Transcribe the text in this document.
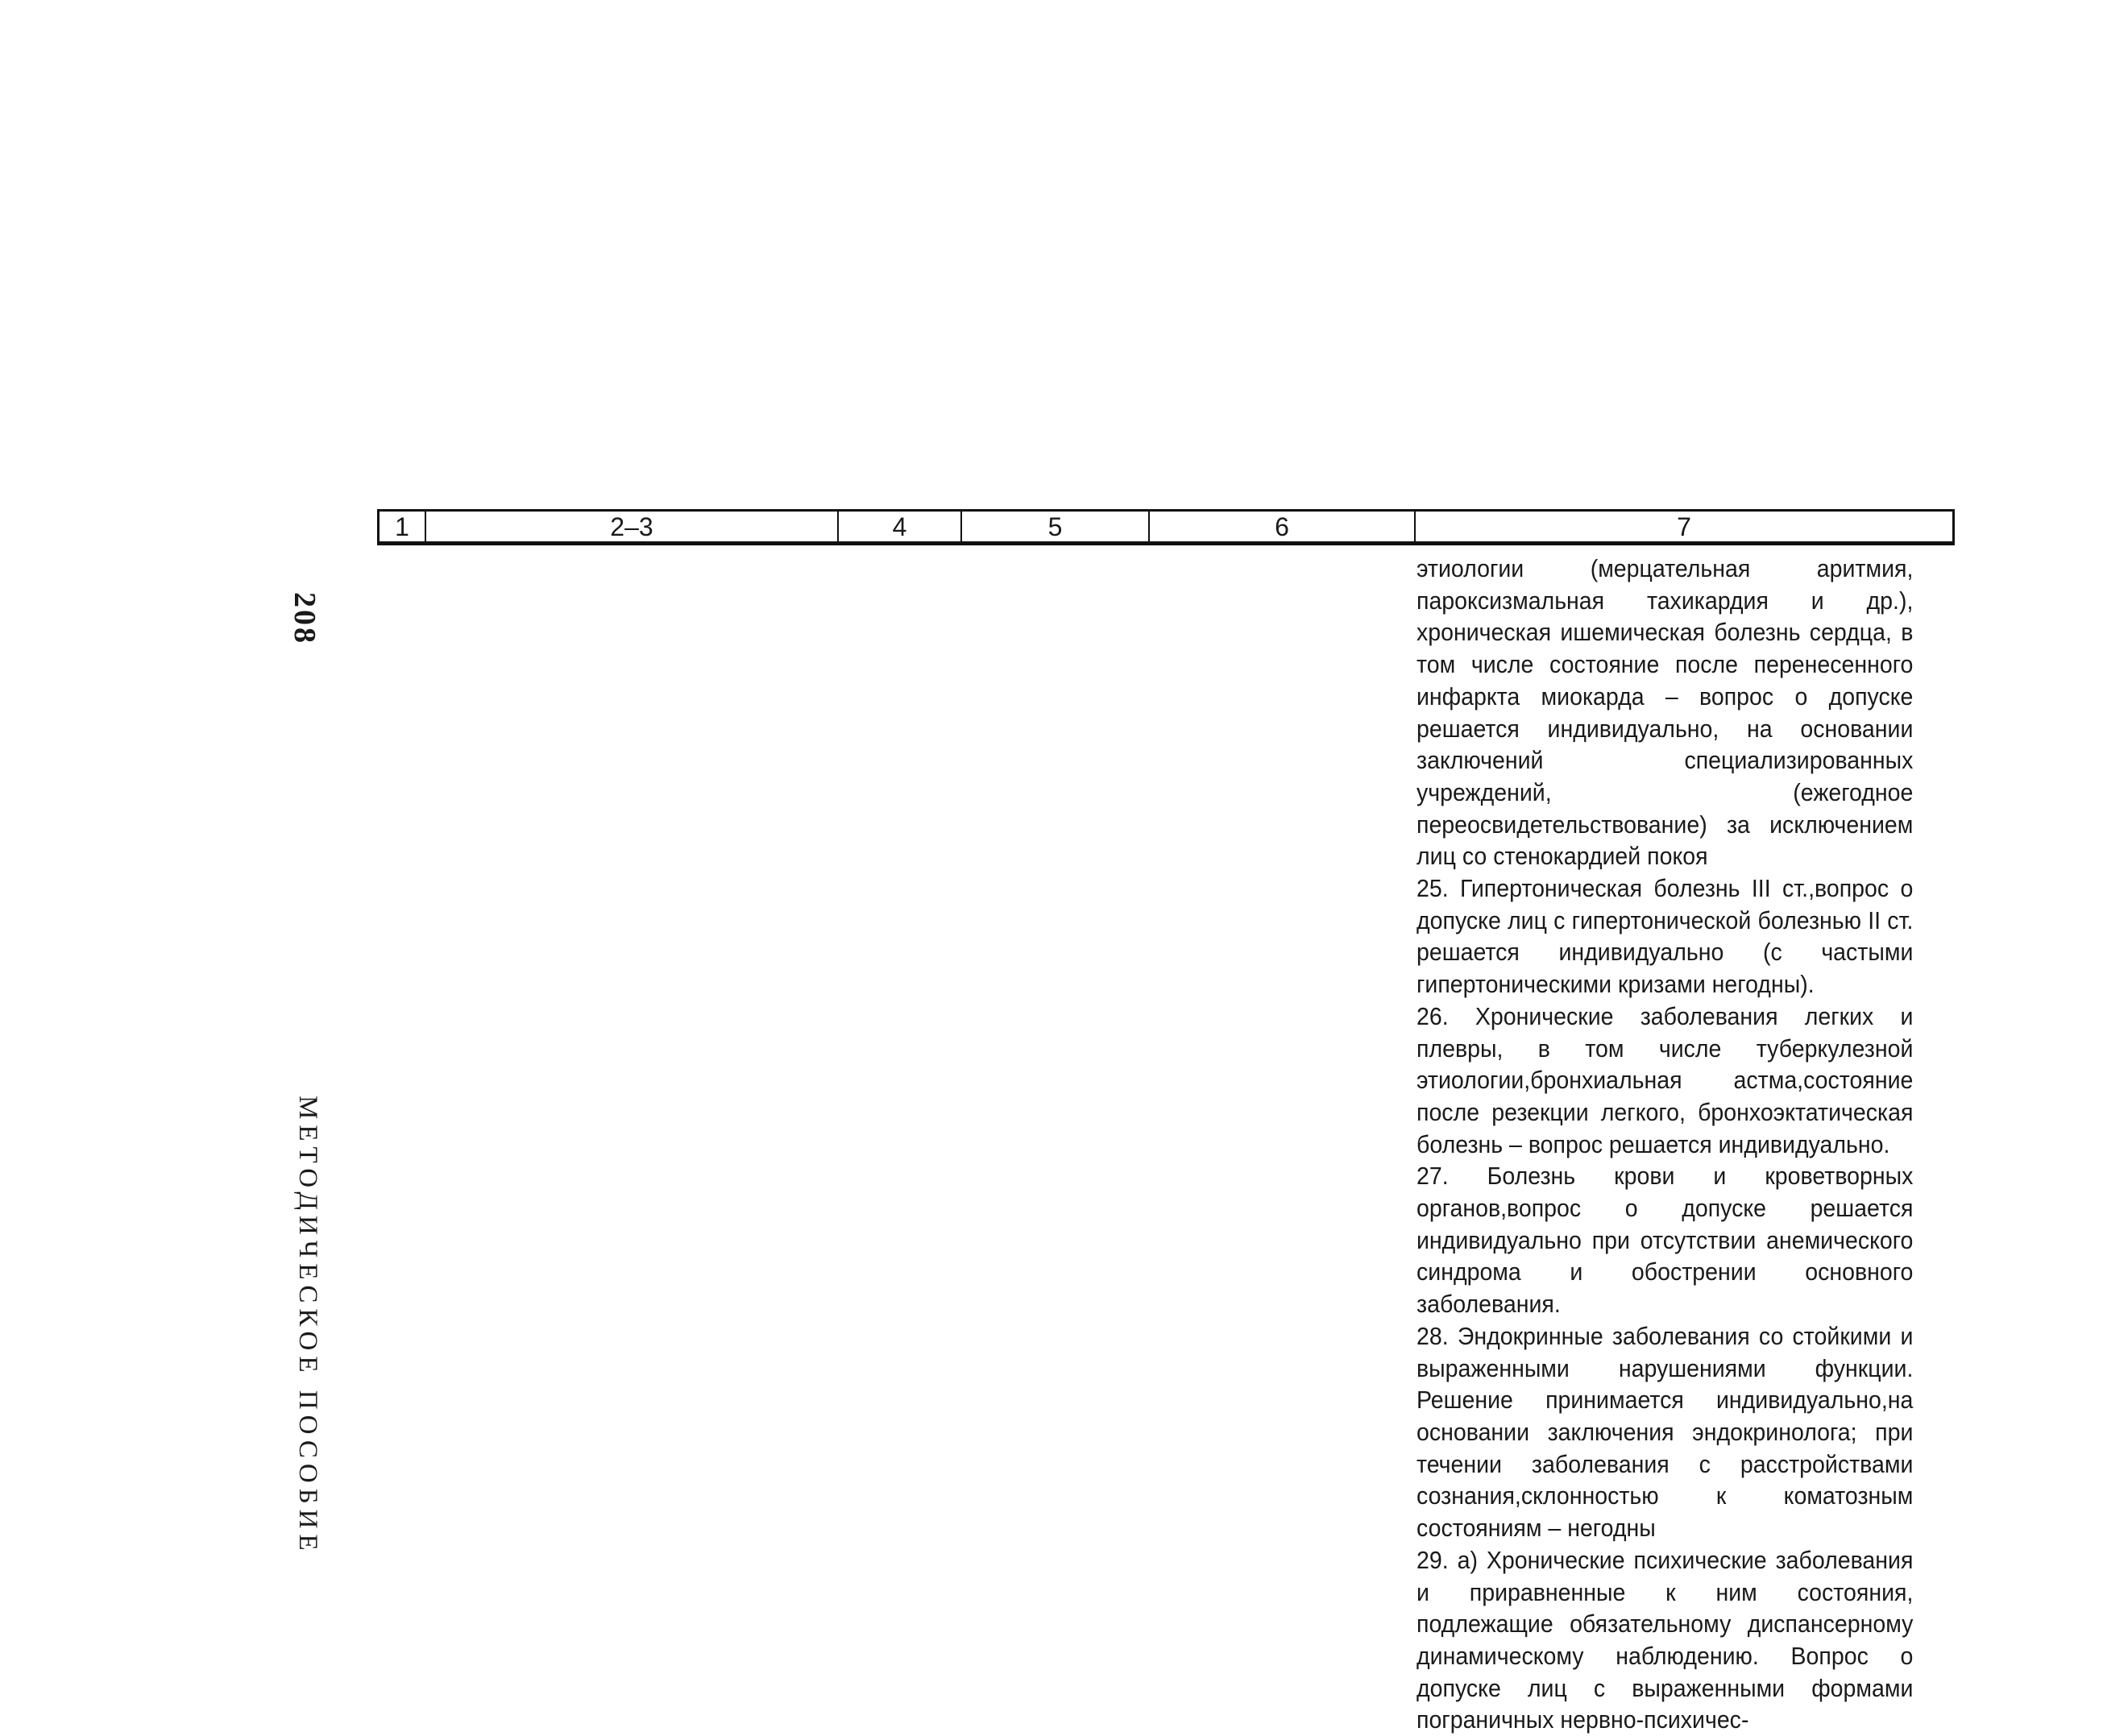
208
МЕТОДИЧЕСКОЕ ПОСОБИЕ
1	2–3	4	5	6	7

этиологии (мерцательная аритмия, пароксизмальная тахикардия и др.), хроническая ишемическая болезнь сердца, в том числе состояние после перенесенного инфаркта миокарда – вопрос о допуске решается индивидуально, на основании заключений специализированных учреждений, (ежегодное переосвидетельствование) за исключением лиц со стенокардией покоя

25. Гипертоническая болезнь III ст.,вопрос о допуске лиц с гипертонической болезнью II ст. решается индивидуально (с частыми гипертоническими кризами негодны).

26. Хронические заболевания легких и плевры, в том числе туберкулезной этиологии,бронхиальная астма,состояние после резекции легкого, бронхоэктатическая болезнь – вопрос решается индивидуально.

27. Болезнь крови и кроветворных органов,вопрос о допуске решается индивидуально при отсутствии анемического синдрома и обострении основного заболевания.

28. Эндокринные заболевания со стойкими и выраженными нарушениями функции. Решение принимается индивидуально,на основании заключения эндокринолога; при течении заболевания с расстройствами сознания,склонностью к коматозным состояниям – негодны

29. а) Хронические психические заболевания и приравненные к ним состояния, подлежащие обязательному диспансерному динамическому наблюдению. Вопрос о допуске лиц с выраженными формами пограничных нервно-психичес-
